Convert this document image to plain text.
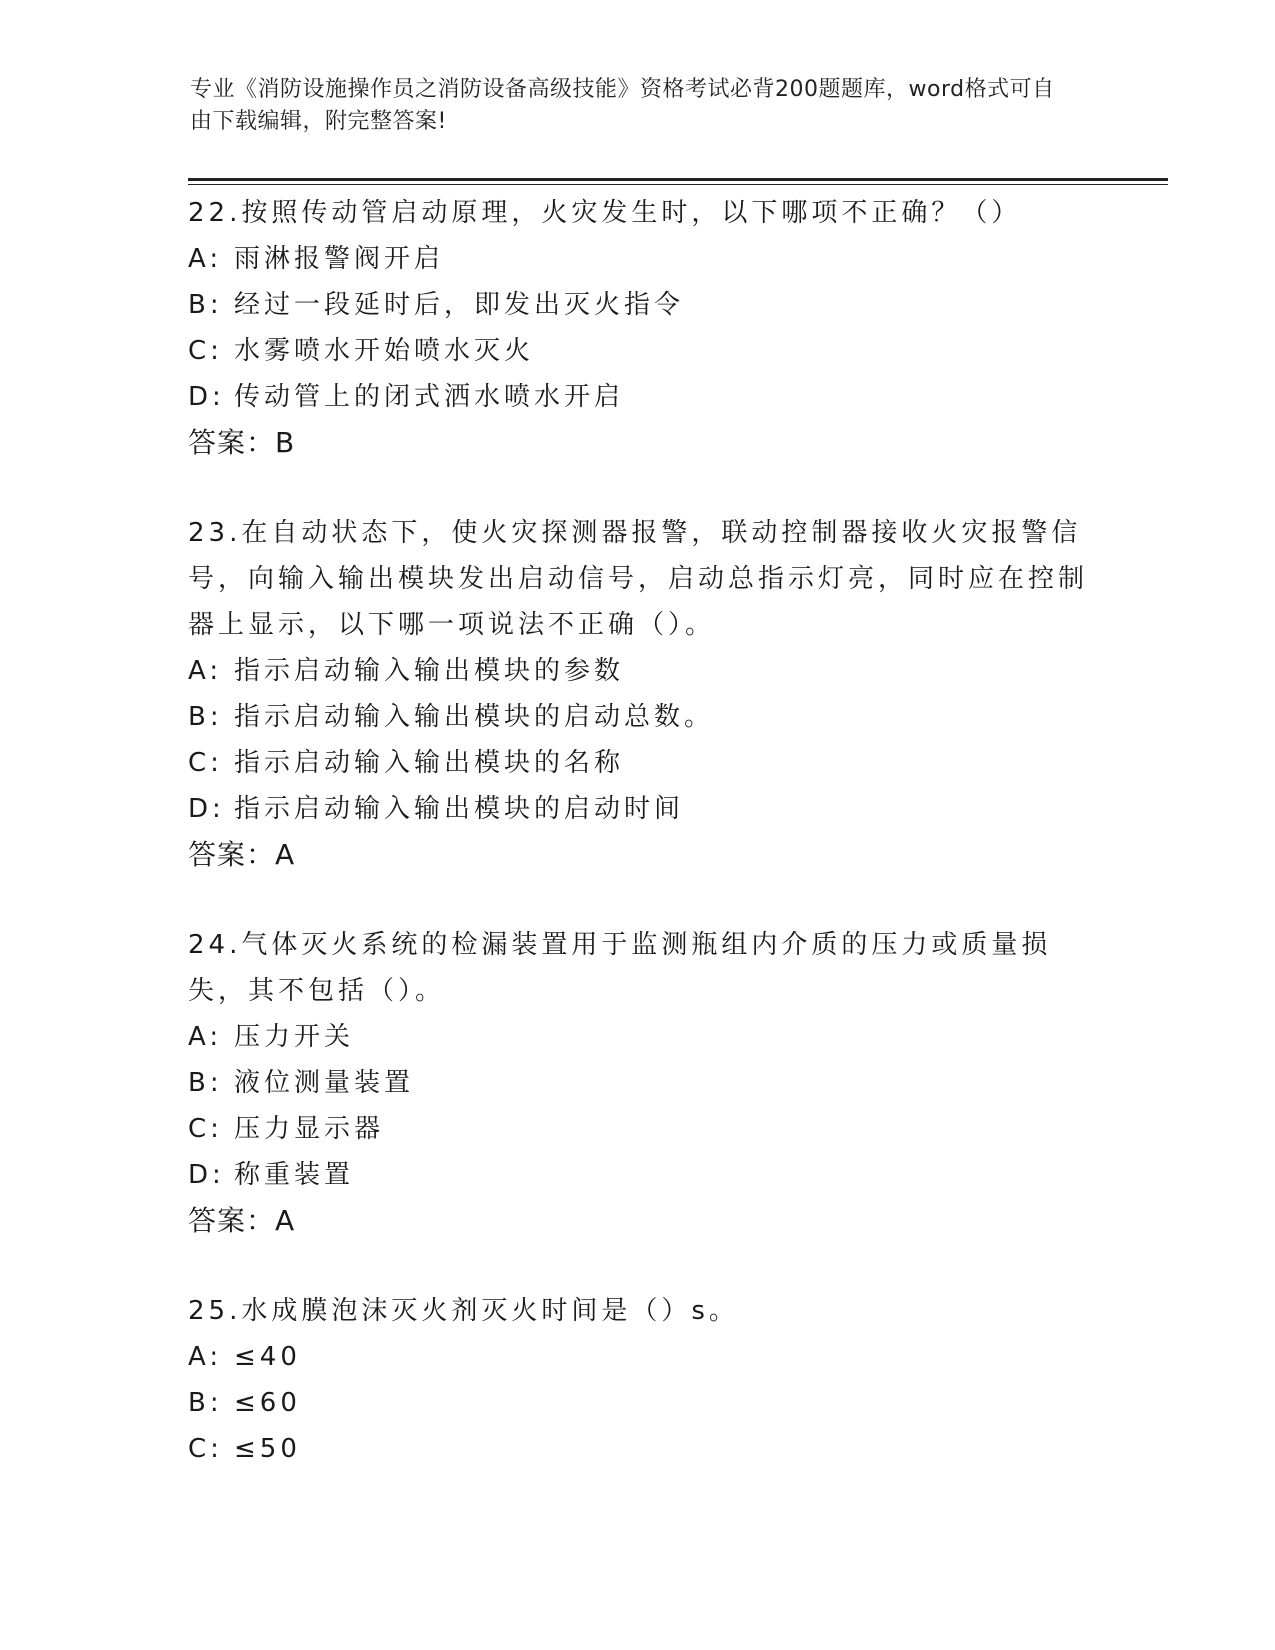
专业《消防设施操作员之消防设备高级技能》资格考试必背200题题库，word格式可自由下载编辑，附完整答案!

22.按照传动管启动原理，火灾发生时，以下哪项不正确？（）

A: 雨淋报警阀开启
B: 经过一段延时后，即发出灭火指令
C: 水雾喷水开始喷水灭火
D: 传动管上的闭式洒水喷水开启
答案：B

23.在自动状态下，使火灾探测器报警，联动控制器接收火灾报警信号，向输入输出模块发出启动信号，启动总指示灯亮，同时应在控制器上显示，以下哪一项说法不正确（）。

A: 指示启动输入输出模块的参数
B: 指示启动输入输出模块的启动总数。
C: 指示启动输入输出模块的名称
D: 指示启动输入输出模块的启动时间
答案：A

24.气体灭火系统的检漏装置用于监测瓶组内介质的压力或质量损失，其不包括（）。

A: 压力开关
B: 液位测量装置
C: 压力显示器
D: 称重装置
答案：A

25.水成膜泡沫灭火剂灭火时间是（）s。

A: ≤40
B: ≤60
C: ≤50
